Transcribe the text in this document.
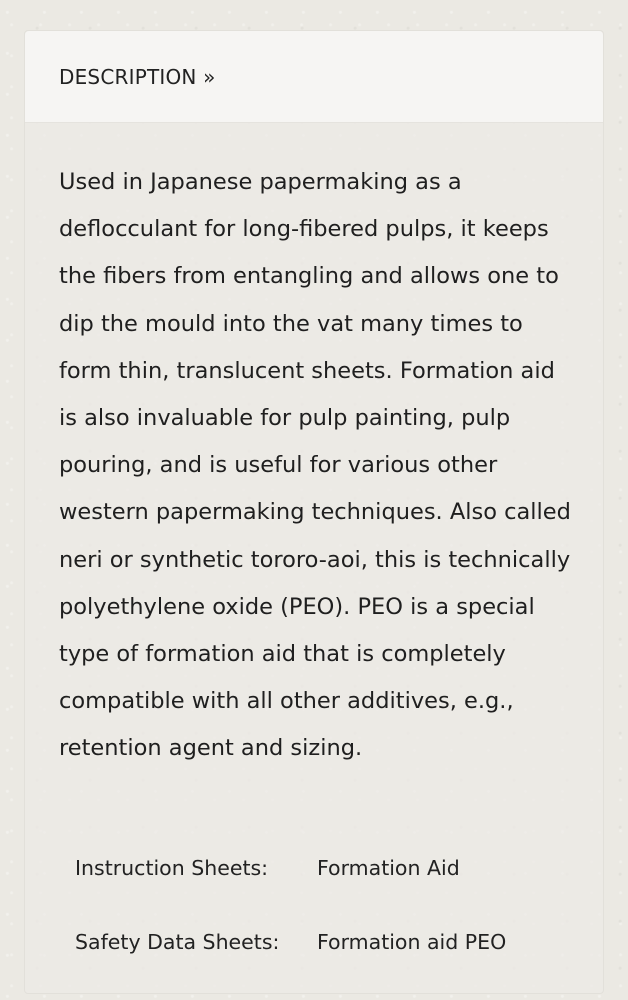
DESCRIPTION »

Used in Japanese papermaking as a deflocculant for long-fibered pulps, it keeps the fibers from entangling and allows one to dip the mould into the vat many times to form thin, translucent sheets. Formation aid is also invaluable for pulp painting, pulp pouring, and is useful for various other western papermaking techniques. Also called neri or synthetic tororo-aoi, this is technically polyethylene oxide (PEO). PEO is a special type of formation aid that is completely compatible with all other additives, e.g., retention agent and sizing.

Instruction Sheets:	Formation Aid
Safety Data Sheets:	Formation aid PEO
